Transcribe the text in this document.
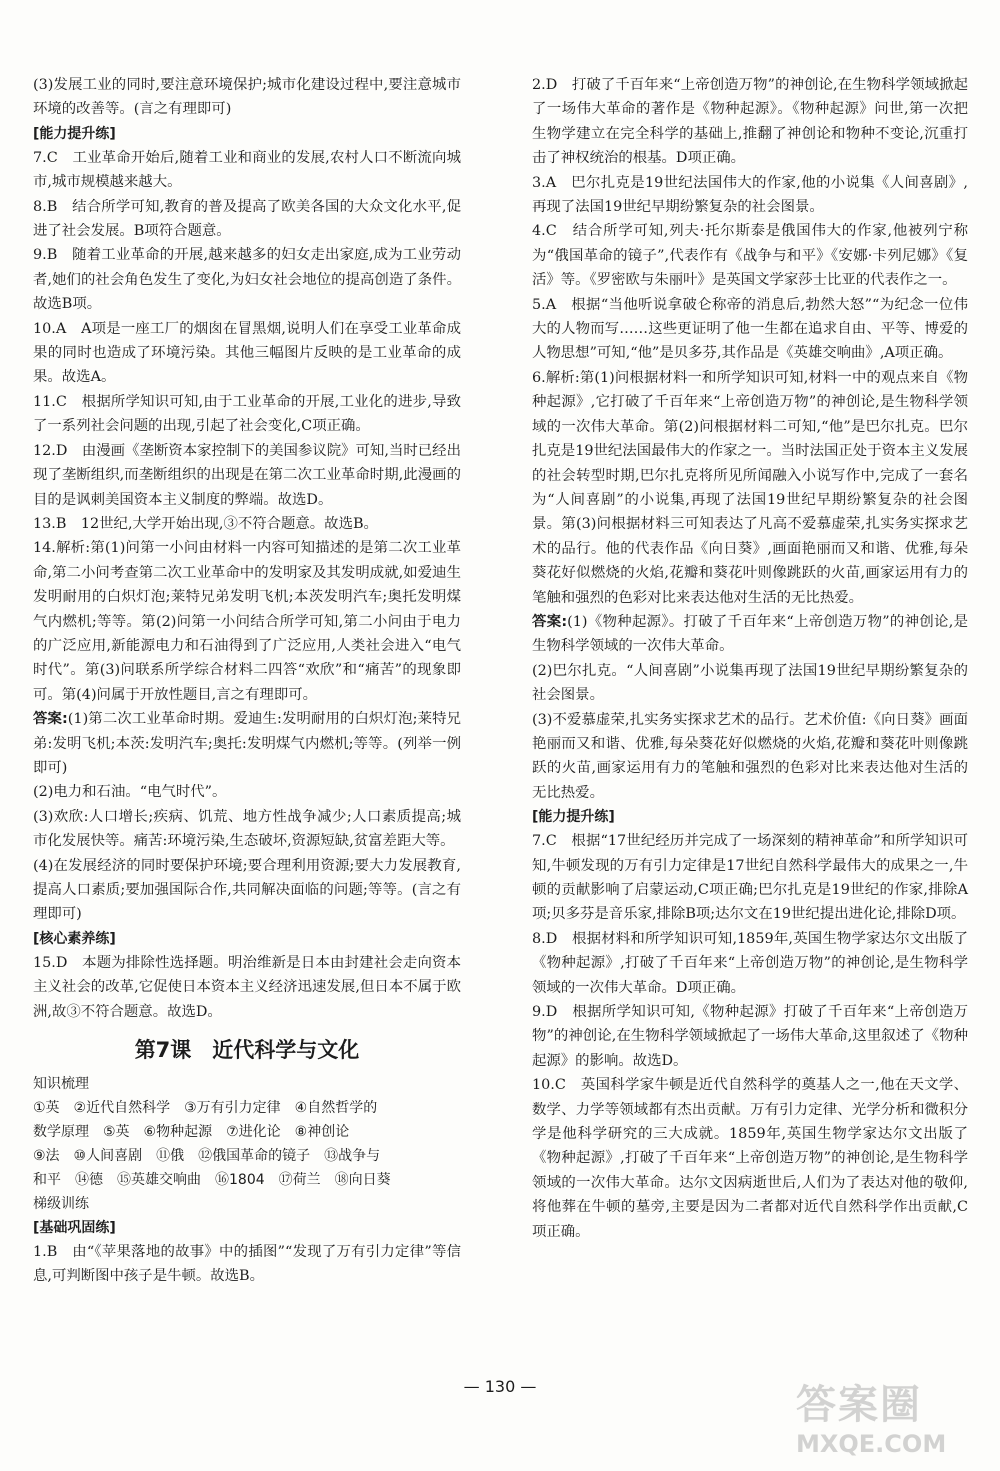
(3)发展工业的同时,要注意环境保护;城市化建设过程中,要注意城市环境的改善等。(言之有理即可)

[能力提升练]

7.C　工业革命开始后,随着工业和商业的发展,农村人口不断流向城市,城市规模越来越大。

8.B　结合所学可知,教育的普及提高了欧美各国的大众文化水平,促进了社会发展。B项符合题意。

9.B　随着工业革命的开展,越来越多的妇女走出家庭,成为工业劳动者,她们的社会角色发生了变化,为妇女社会地位的提高创造了条件。故选B项。

10.A　A项是一座工厂的烟囱在冒黑烟,说明人们在享受工业革命成果的同时也造成了环境污染。其他三幅图片反映的是工业革命的成果。故选A。

11.C　根据所学知识可知,由于工业革命的开展,工业化的进步,导致了一系列社会问题的出现,引起了社会变化,C项正确。

12.D　由漫画《垄断资本家控制下的美国参议院》可知,当时已经出现了垄断组织,而垄断组织的出现是在第二次工业革命时期,此漫画的目的是讽刺美国资本主义制度的弊端。故选D。

13.B　12世纪,大学开始出现,③不符合题意。故选B。

14.解析:第(1)问第一小问由材料一内容可知描述的是第二次工业革命,第二小问考查第二次工业革命中的发明家及其发明成就,如爱迪生发明耐用的白炽灯泡;莱特兄弟发明飞机;本茨发明汽车;奥托发明煤气内燃机;等等。第(2)问第一小问结合所学可知,第二小问由于电力的广泛应用,新能源电力和石油得到了广泛应用,人类社会进入“电气时代”。第(3)问联系所学综合材料二四答“欢欣”和“痛苦”的现象即可。第(4)问属于开放性题目,言之有理即可。

答案:(1)第二次工业革命时期。爱迪生:发明耐用的白炽灯泡;莱特兄弟:发明飞机;本茨:发明汽车;奥托:发明煤气内燃机;等等。(列举一例即可)

(2)电力和石油。“电气时代”。

(3)欢欣:人口增长;疾病、饥荒、地方性战争减少;人口素质提高;城市化发展快等。痛苦:环境污染,生态破坏,资源短缺,贫富差距大等。

(4)在发展经济的同时要保护环境;要合理利用资源;要大力发展教育,提高人口素质;要加强国际合作,共同解决面临的问题;等等。(言之有理即可)

[核心素养练]

15.D　本题为排除性选择题。明治维新是日本由封建社会走向资本主义社会的改革,它促使日本资本主义经济迅速发展,但日本不属于欧洲,故③不符合题意。故选D。

第7课　近代科学与文化

知识梳理

①英　②近代自然科学　③万有引力定律　④自然哲学的

数学原理　⑤英　⑥物种起源　⑦进化论　⑧神创论

⑨法　⑩人间喜剧　⑪俄　⑫俄国革命的镜子　⑬战争与

和平　⑭德　⑮英雄交响曲　⑯1804　⑰荷兰　⑱向日葵

梯级训练

[基础巩固练]

1.B　由“《苹果落地的故事》中的插图”“发现了万有引力定律”等信息,可判断图中孩子是牛顿。故选B。

2.D　打破了千百年来“上帝创造万物”的神创论,在生物科学领域掀起了一场伟大革命的著作是《物种起源》。《物种起源》问世,第一次把生物学建立在完全科学的基础上,推翻了神创论和物种不变论,沉重打击了神权统治的根基。D项正确。

3.A　巴尔扎克是19世纪法国伟大的作家,他的小说集《人间喜剧》,再现了法国19世纪早期纷繁复杂的社会图景。

4.C　结合所学可知,列夫·托尔斯泰是俄国伟大的作家,他被列宁称为“俄国革命的镜子”,代表作有《战争与和平》《安娜·卡列尼娜》《复活》等。《罗密欧与朱丽叶》是英国文学家莎士比亚的代表作之一。

5.A　根据“当他听说拿破仑称帝的消息后,勃然大怒”“为纪念一位伟大的人物而写……这些更证明了他一生都在追求自由、平等、博爱的人物思想”可知,“他”是贝多芬,其作品是《英雄交响曲》,A项正确。

6.解析:第(1)问根据材料一和所学知识可知,材料一中的观点来自《物种起源》,它打破了千百年来“上帝创造万物”的神创论,是生物科学领域的一次伟大革命。第(2)问根据材料二可知,“他”是巴尔扎克。巴尔扎克是19世纪法国最伟大的作家之一。当时法国正处于资本主义发展的社会转型时期,巴尔扎克将所见所闻融入小说写作中,完成了一套名为“人间喜剧”的小说集,再现了法国19世纪早期纷繁复杂的社会图景。第(3)问根据材料三可知表达了凡高不爱慕虚荣,扎实务实探求艺术的品行。他的代表作品《向日葵》,画面艳丽而又和谐、优雅,每朵葵花好似燃烧的火焰,花瓣和葵花叶则像跳跃的火苗,画家运用有力的笔触和强烈的色彩对比来表达他对生活的无比热爱。

答案:(1)《物种起源》。打破了千百年来“上帝创造万物”的神创论,是生物科学领域的一次伟大革命。

(2)巴尔扎克。“人间喜剧”小说集再现了法国19世纪早期纷繁复杂的社会图景。

(3)不爱慕虚荣,扎实务实探求艺术的品行。艺术价值:《向日葵》画面艳丽而又和谐、优雅,每朵葵花好似燃烧的火焰,花瓣和葵花叶则像跳跃的火苗,画家运用有力的笔触和强烈的色彩对比来表达他对生活的无比热爱。

[能力提升练]

7.C　根据“17世纪经历并完成了一场深刻的精神革命”和所学知识可知,牛顿发现的万有引力定律是17世纪自然科学最伟大的成果之一,牛顿的贡献影响了启蒙运动,C项正确;巴尔扎克是19世纪的作家,排除A项;贝多芬是音乐家,排除B项;达尔文在19世纪提出进化论,排除D项。

8.D　根据材料和所学知识可知,1859年,英国生物学家达尔文出版了《物种起源》,打破了千百年来“上帝创造万物”的神创论,是生物科学领域的一次伟大革命。D项正确。

9.D　根据所学知识可知,《物种起源》打破了千百年来“上帝创造万物”的神创论,在生物科学领域掀起了一场伟大革命,这里叙述了《物种起源》的影响。故选D。

10.C　英国科学家牛顿是近代自然科学的奠基人之一,他在天文学、数学、力学等领域都有杰出贡献。万有引力定律、光学分析和微积分学是他科学研究的三大成就。1859年,英国生物学家达尔文出版了《物种起源》,打破了千百年来“上帝创造万物”的神创论,是生物科学领域的一次伟大革命。达尔文因病逝世后,人们为了表达对他的敬仰,将他葬在牛顿的墓旁,主要是因为二者都对近代自然科学作出贡献,C项正确。

— 130 —	答案圈
MXQE.COM
